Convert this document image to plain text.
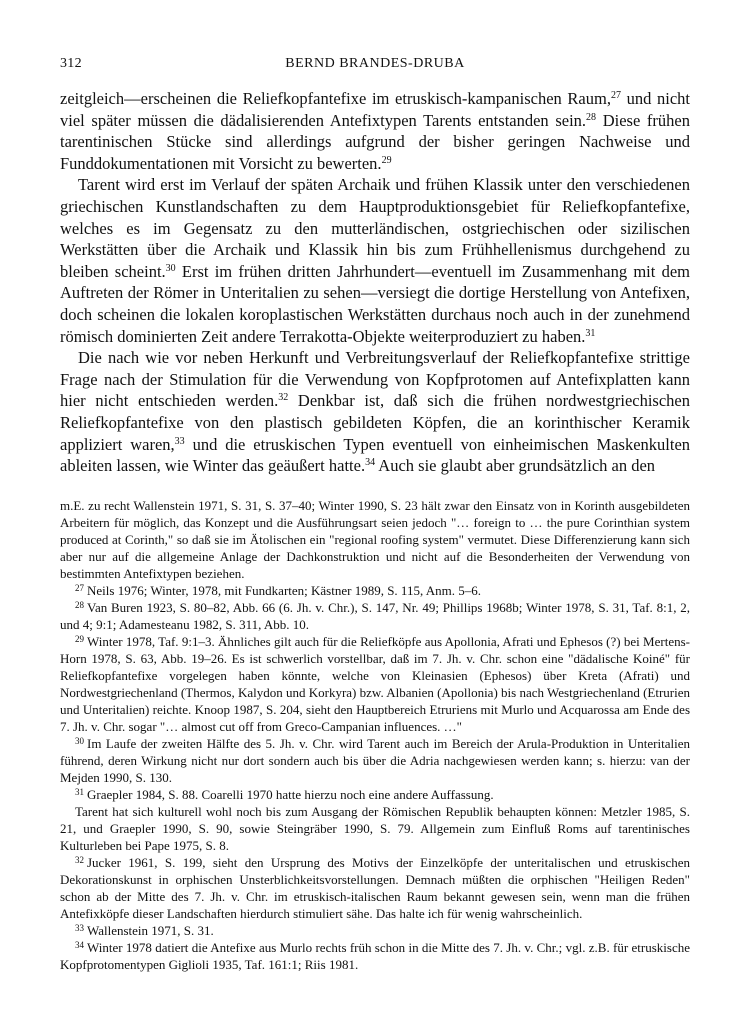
312	BERND BRANDES-DRUBA

zeitgleich—erscheinen die Reliefkopfantefixe im etruskisch-kampanischen Raum,$^{27}$ und nicht viel später müssen die dädalisierenden Antefixtypen Tarents entstanden sein.$^{28}$ Diese frühen tarentinischen Stücke sind allerdings aufgrund der bisher geringen Nachweise und Funddokumentationen mit Vorsicht zu bewerten.$^{29}$

Tarent wird erst im Verlauf der späten Archaik und frühen Klassik unter den verschiedenen griechischen Kunstlandschaften zu dem Hauptproduktionsgebiet für Reliefkopfantefixe, welches es im Gegensatz zu den mutterländischen, ostgriechischen oder sizilischen Werkstätten über die Archaik und Klassik hin bis zum Frühhellenismus durchgehend zu bleiben scheint.$^{30}$ Erst im frühen dritten Jahrhundert—eventuell im Zusammenhang mit dem Auftreten der Römer in Unteritalien zu sehen—versiegt die dortige Herstellung von Antefixen, doch scheinen die lokalen koroplastischen Werkstätten durchaus noch auch in der zunehmend römisch dominierten Zeit andere Terrakotta-Objekte weiterproduziert zu haben.$^{31}$

Die nach wie vor neben Herkunft und Verbreitungsverlauf der Reliefkopfantefixe strittige Frage nach der Stimulation für die Verwendung von Kopfprotomen auf Antefixplatten kann hier nicht entschieden werden.$^{32}$ Denkbar ist, daß sich die frühen nordwestgriechischen Reliefkopfantefixe von den plastisch gebildeten Köpfen, die an korinthischer Keramik appliziert waren,$^{33}$ und die etruskischen Typen eventuell von einheimischen Maskenkulten ableiten lassen, wie Winter das geäußert hatte.$^{34}$ Auch sie glaubt aber grundsätzlich an den

m.E. zu recht Wallenstein 1971, S. 31, S. 37–40; Winter 1990, S. 23 hält zwar den Einsatz von in Korinth ausgebildeten Arbeitern für möglich, das Konzept und die Ausführungsart seien jedoch "… foreign to … the pure Corinthian system produced at Corinth," so daß sie im Ätolischen ein "regional roofing system" vermutet. Diese Differenzierung kann sich aber nur auf die allgemeine Anlage der Dachkonstruktion und nicht auf die Besonderheiten der Verwendung von bestimmten Antefixtypen beziehen.

$^{27}$ Neils 1976; Winter, 1978, mit Fundkarten; Kästner 1989, S. 115, Anm. 5–6.

$^{28}$ Van Buren 1923, S. 80–82, Abb. 66 (6. Jh. v. Chr.), S. 147, Nr. 49; Phillips 1968b; Winter 1978, S. 31, Taf. 8:1, 2, und 4; 9:1; Adamesteanu 1982, S. 311, Abb. 10.

$^{29}$ Winter 1978, Taf. 9:1–3. Ähnliches gilt auch für die Reliefköpfe aus Apollonia, Afrati und Ephesos (?) bei Mertens-Horn 1978, S. 63, Abb. 19–26. Es ist schwerlich vorstellbar, daß im 7. Jh. v. Chr. schon eine "dädalische Koiné" für Reliefkopfantefixe vorgelegen haben könnte, welche von Kleinasien (Ephesos) über Kreta (Afrati) und Nordwestgriechenland (Thermos, Kalydon und Korkyra) bzw. Albanien (Apollonia) bis nach Westgriechenland (Etrurien und Unteritalien) reichte. Knoop 1987, S. 204, sieht den Hauptbereich Etruriens mit Murlo und Acquarossa am Ende des 7. Jh. v. Chr. sogar "… almost cut off from Greco-Campanian influences. …"

$^{30}$ Im Laufe der zweiten Hälfte des 5. Jh. v. Chr. wird Tarent auch im Bereich der Arula-Produktion in Unteritalien führend, deren Wirkung nicht nur dort sondern auch bis über die Adria nachgewiesen werden kann; s. hierzu: van der Mejden 1990, S. 130.

$^{31}$ Graepler 1984, S. 88. Coarelli 1970 hatte hierzu noch eine andere Auffassung.

Tarent hat sich kulturell wohl noch bis zum Ausgang der Römischen Republik behaupten können: Metzler 1985, S. 21, und Graepler 1990, S. 90, sowie Steingräber 1990, S. 79. Allgemein zum Einfluß Roms auf tarentinisches Kulturleben bei Pape 1975, S. 8.

$^{32}$ Jucker 1961, S. 199, sieht den Ursprung des Motivs der Einzelköpfe der unteritalischen und etruskischen Dekorationskunst in orphischen Unsterblichkeitsvorstellungen. Demnach müßten die orphischen "Heiligen Reden" schon ab der Mitte des 7. Jh. v. Chr. im etruskisch-italischen Raum bekannt gewesen sein, wenn man die frühen Antefixköpfe dieser Landschaften hierdurch stimuliert sähe. Das halte ich für wenig wahrscheinlich.

$^{33}$ Wallenstein 1971, S. 31.

$^{34}$ Winter 1978 datiert die Antefixe aus Murlo rechts früh schon in die Mitte des 7. Jh. v. Chr.; vgl. z.B. für etruskische Kopfprotomentypen Giglioli 1935, Taf. 161:1; Riis 1981.
